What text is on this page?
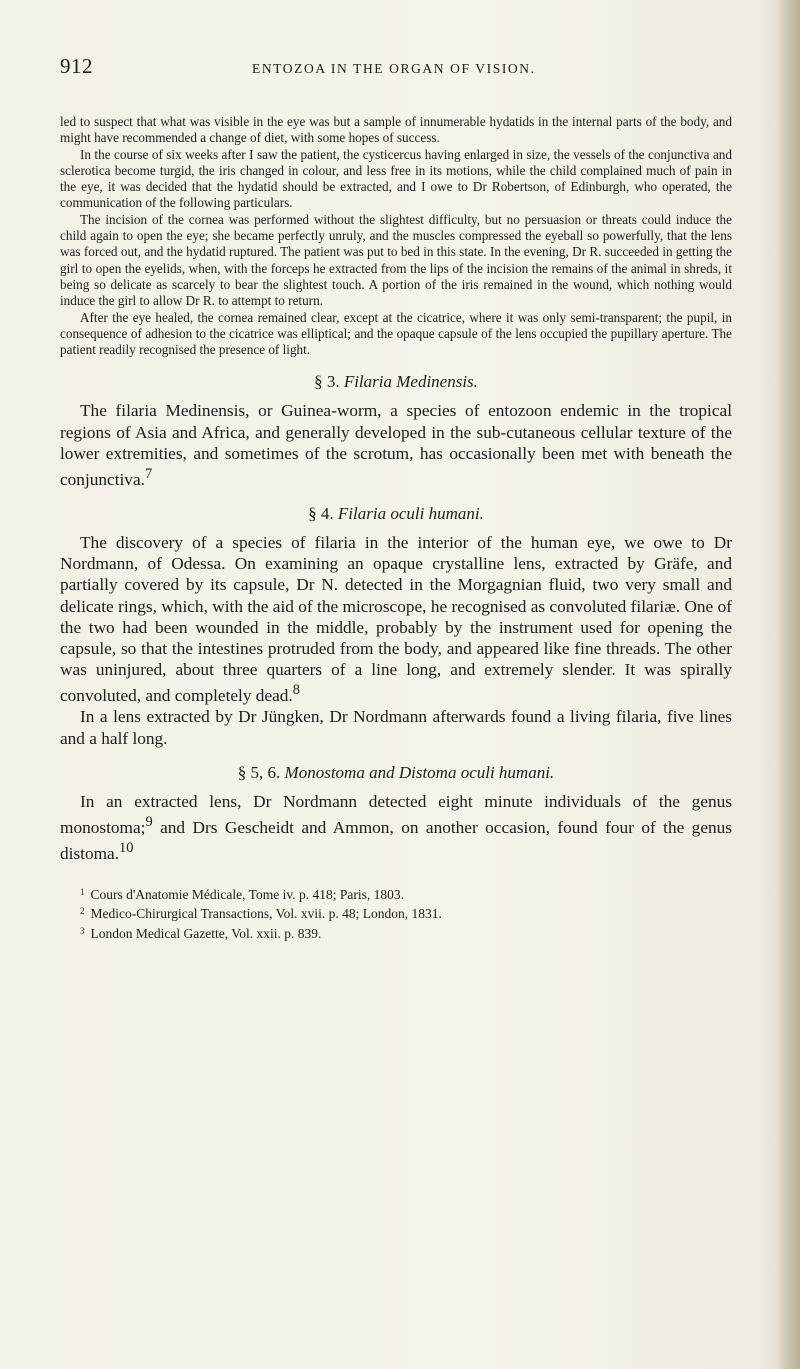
912	ENTOZOA IN THE ORGAN OF VISION.

led to suspect that what was visible in the eye was but a sample of innumerable hydatids in the internal parts of the body, and might have recommended a change of diet, with some hopes of success.

In the course of six weeks after I saw the patient, the cysticercus having enlarged in size, the vessels of the conjunctiva and sclerotica become turgid, the iris changed in colour, and less free in its motions, while the child complained much of pain in the eye, it was decided that the hydatid should be extracted, and I owe to Dr Robertson, of Edinburgh, who operated, the communication of the following particulars.

The incision of the cornea was performed without the slightest difficulty, but no persuasion or threats could induce the child again to open the eye; she became perfectly unruly, and the muscles compressed the eyeball so powerfully, that the lens was forced out, and the hydatid ruptured. The patient was put to bed in this state. In the evening, Dr R. succeeded in getting the girl to open the eyelids, when, with the forceps he extracted from the lips of the incision the remains of the animal in shreds, it being so delicate as scarcely to bear the slightest touch. A portion of the iris remained in the wound, which nothing would induce the girl to allow Dr R. to attempt to return.

After the eye healed, the cornea remained clear, except at the cicatrice, where it was only semi-transparent; the pupil, in consequence of adhesion to the cicatrice was elliptical; and the opaque capsule of the lens occupied the pupillary aperture. The patient readily recognised the presence of light.

§ 3. Filaria Medinensis.

The filaria Medinensis, or Guinea-worm, a species of entozoon endemic in the tropical regions of Asia and Africa, and generally developed in the sub-cutaneous cellular texture of the lower extremities, and sometimes of the scrotum, has occasionally been met with beneath the conjunctiva.$^7$

§ 4. Filaria oculi humani.

The discovery of a species of filaria in the interior of the human eye, we owe to Dr Nordmann, of Odessa. On examining an opaque crystalline lens, extracted by Gräfe, and partially covered by its capsule, Dr N. detected in the Morgagnian fluid, two very small and delicate rings, which, with the aid of the microscope, he recognised as convoluted filariæ. One of the two had been wounded in the middle, probably by the instrument used for opening the capsule, so that the intestines protruded from the body, and appeared like fine threads. The other was uninjured, about three quarters of a line long, and extremely slender. It was spirally convoluted, and completely dead.$^8$

In a lens extracted by Dr Jüngken, Dr Nordmann afterwards found a living filaria, five lines and a half long.

§ 5, 6. Monostoma and Distoma oculi humani.

In an extracted lens, Dr Nordmann detected eight minute individuals of the genus monostoma;$^9$ and Drs Gescheidt and Ammon, on another occasion, found four of the genus distoma.$^{10}$

$^1$ Cours d'Anatomie Médicale, Tome iv. p. 418; Paris, 1803.

$^2$ Medico-Chirurgical Transactions, Vol. xvii. p. 48; London, 1831.

$^3$ London Medical Gazette, Vol. xxii. p. 839.
